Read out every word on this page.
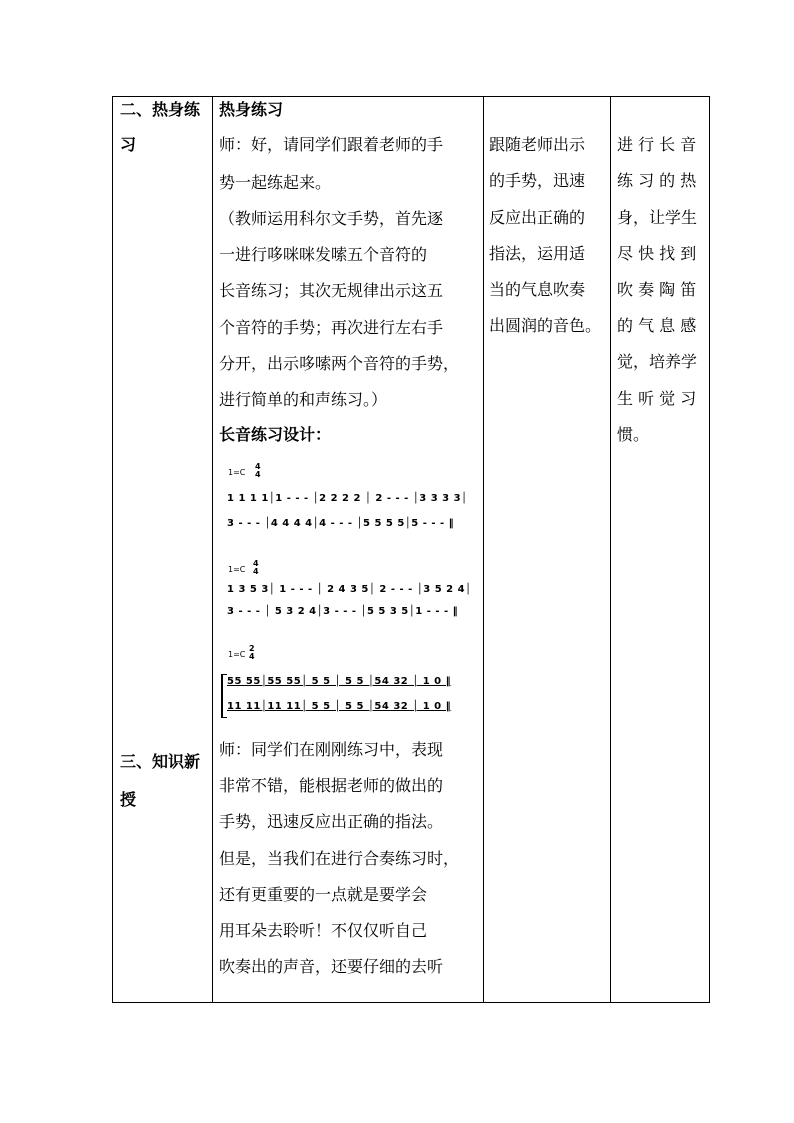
二、热身练
习
三、知识新
授
热身练习
师：好，请同学们跟着老师的手
势一起练起来。
（教师运用科尔文手势，首先逐
一进行哆咪咪发嗦五个音符的
长音练习；其次无规律出示这五
个音符的手势；再次进行左右手
分开，出示哆嗦两个音符的手势，
进行简单的和声练习。）
长音练习设计：
1=C
4
4
1 1 1 1│1 - - - │2 2 2 2 │ 2 - - - │3 3 3 3│
3 - - - │4 4 4 4│4 - - - │5 5 5 5│5 - - - ‖
1=C
4
4
1 3 5 3│ 1 - - - │ 2 4 3 5│ 2 - - - │3 5 2 4│
3 - - - │ 5 3 2 4│3 - - - │5 5 3 5│1 - - - ‖
1=C
2
4
55 55│55 55│ 5 5 │ 5 5 │54 32 │ 1 0 ‖
11 11│11 11│ 5 5 │ 5 5 │54 32 │ 1 0 ‖
师：同学们在刚刚练习中，表现
非常不错，能根据老师的做出的
手势，迅速反应出正确的指法。
但是，当我们在进行合奏练习时，
还有更重要的一点就是要学会
用耳朵去聆听！不仅仅听自己
吹奏出的声音，还要仔细的去听
跟随老师出示
的手势，迅速
反应出正确的
指法，运用适
当的气息吹奏
出圆润的音色。
进 行 长 音
练 习 的 热
身，让学生
尽 快 找 到
吹 奏 陶 笛
的 气 息 感
觉，培养学
生 听 觉 习
惯。
